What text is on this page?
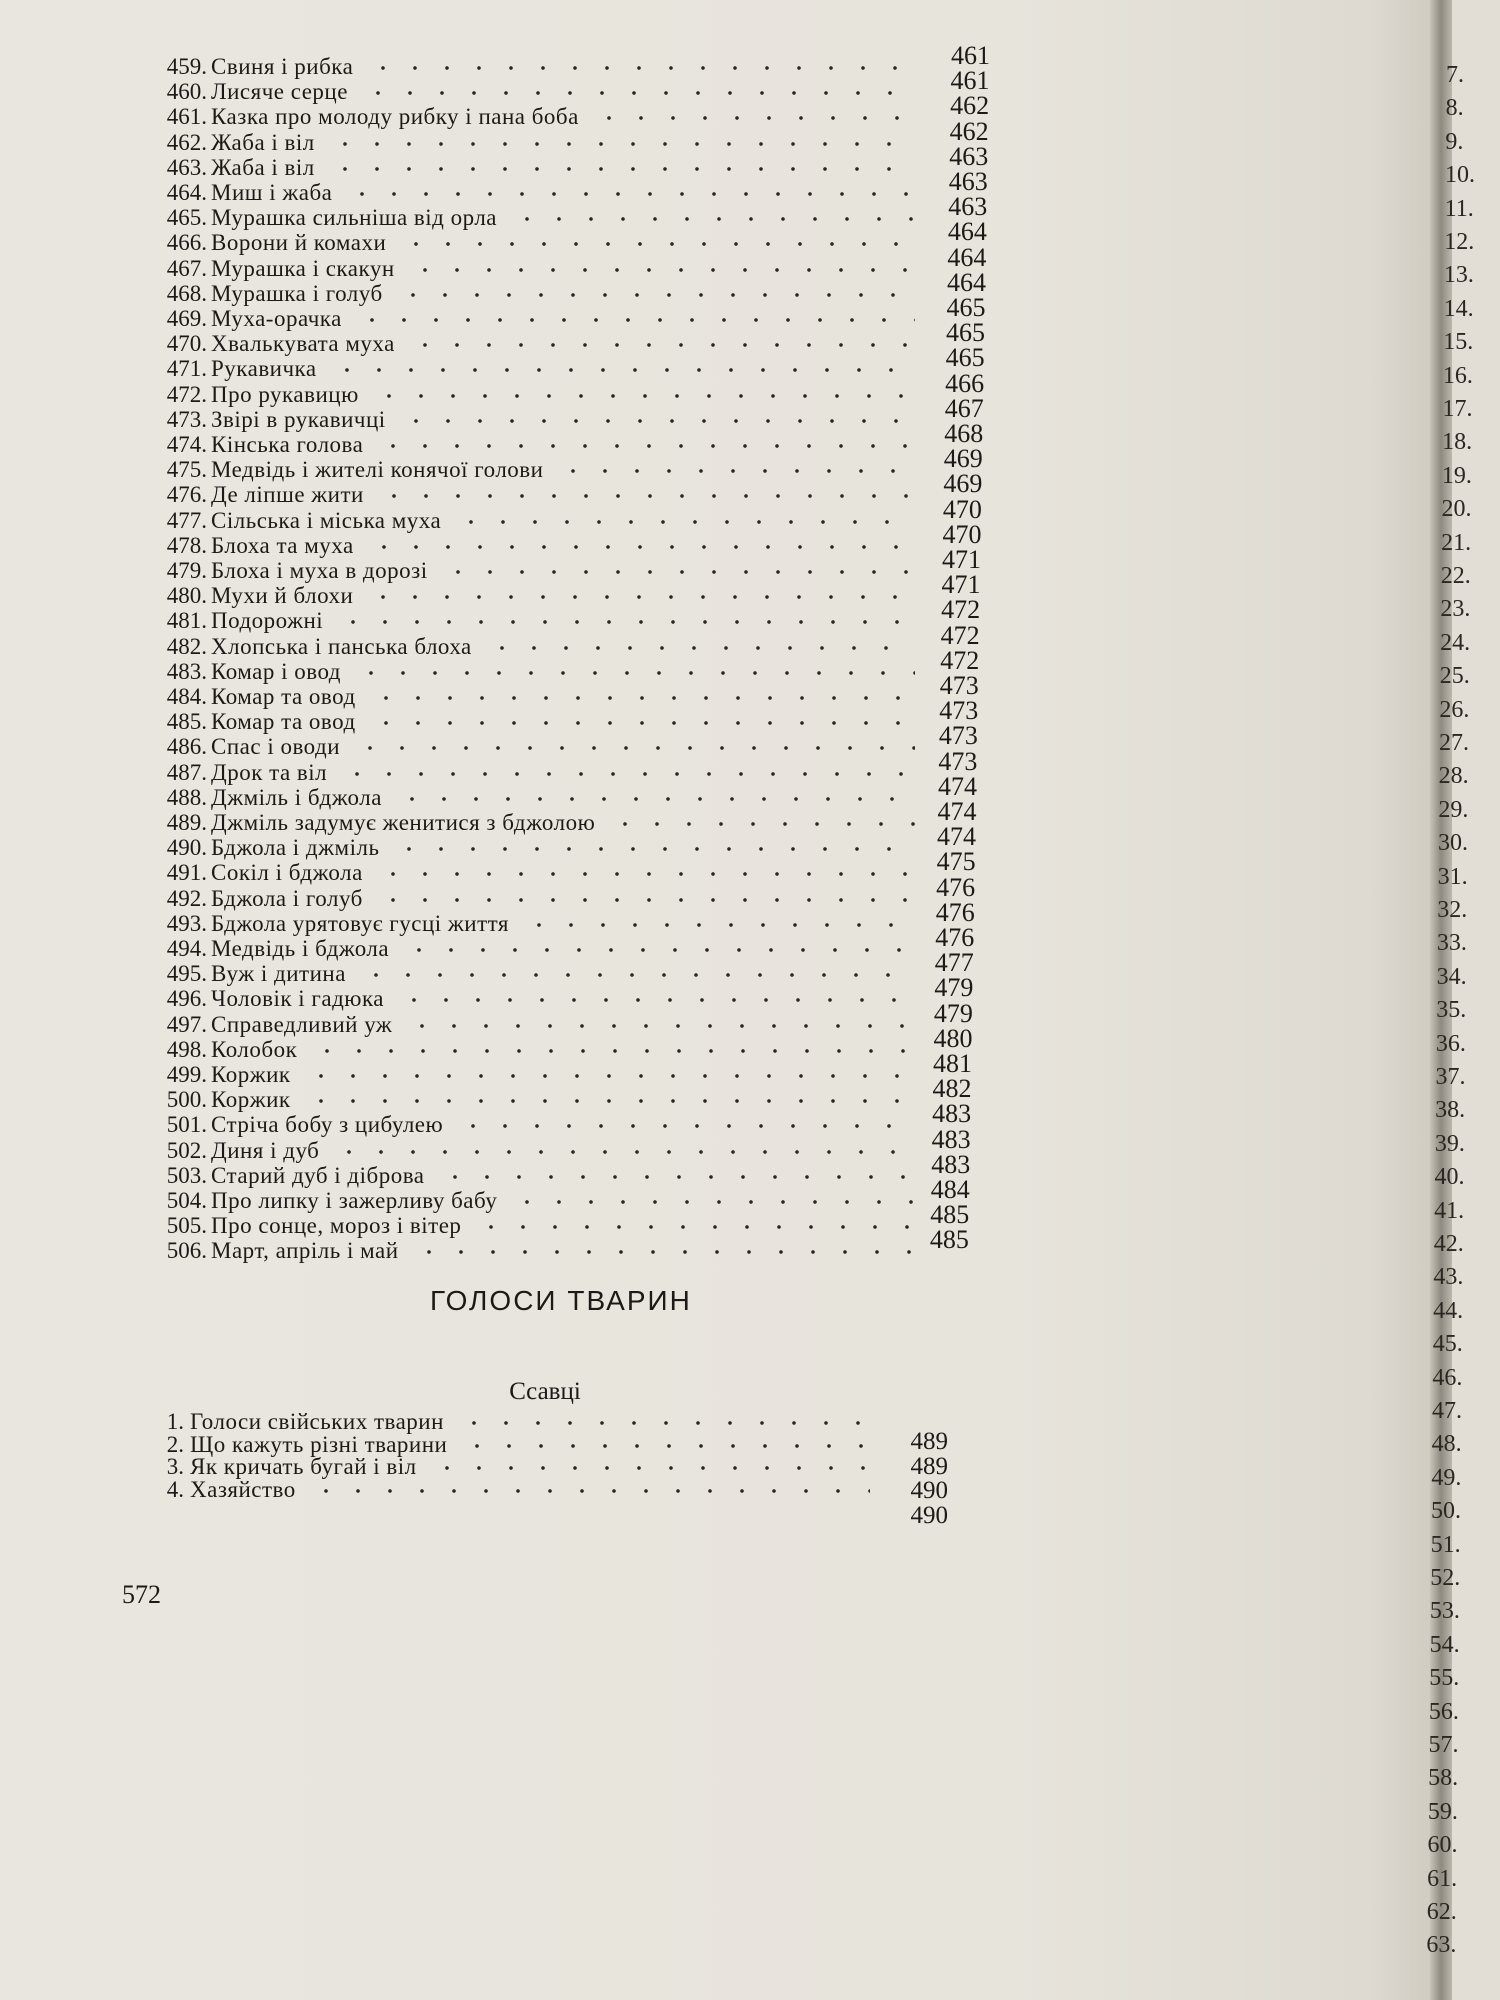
459. Свиня і рибка
460. Лисяче серце
461. Казка про молоду рибку і пана боба
462. Жаба і віл
463. Жаба і віл
464. Миш і жаба
465. Мурашка сильніша від орла
466. Ворони й комахи
467. Мурашка і скакун
468. Мурашка і голуб
469. Муха-орачка
470. Хвалькувата муха
471. Рукавичка
472. Про рукавицю
473. Звірі в рукавичці
474. Кінська голова
475. Медвідь і жителі конячої голови
476. Де ліпше жити
477. Сільська і міська муха
478. Блоха та муха
479. Блоха і муха в дорозі
480. Мухи й блохи
481. Подорожні
482. Хлопська і панська блоха
483. Комар і овод
484. Комар та овод
485. Комар та овод
486. Спас і оводи
487. Дрок та віл
488. Джміль і бджола
489. Джміль задумує женитися з бджолою
490. Бджола і джміль
491. Сокіл і бджола
492. Бджола і голуб
493. Бджола урятовує гусці життя
494. Медвідь і бджола
495. Вуж і дитина
496. Чоловік і гадюка
497. Справедливий уж
498. Колобок
499. Коржик
500. Коржик
501. Стріча бобу з цибулею
502. Диня і дуб
503. Старий дуб і діброва
504. Про липку і зажерливу бабу
505. Про сонце, мороз і вітер
506. Март, апріль і май
461
461
462
462
463
463
463
464
464
464
465
465
465
466
467
468
469
469
470
470
471
471
472
472
472
473
473
473
473
474
474
474
475
476
476
476
477
479
479
480
481
482
483
483
483
484
485
485
ГОЛОСИ ТВАРИН
Ссавці
1. Голоси свійських тварин
2. Що кажуть різні тварини
3. Як кричать бугай і віл
4. Хазяйство
489
489
490
490
572
7.
8.
9.
10.
11.
12.
13.
14.
15.
16.
17.
18.
19.
20.
21.
22.
23.
24.
25.
26.
27.
28.
29.
30.
31.
32.
33.
34.
35.
36.
37.
38.
39.
40.
41.
42.
43.
44.
45.
46.
47.
48.
49.
50.
51.
52.
53.
54.
55.
56.
57.
58.
59.
60.
61.
62.
63.
